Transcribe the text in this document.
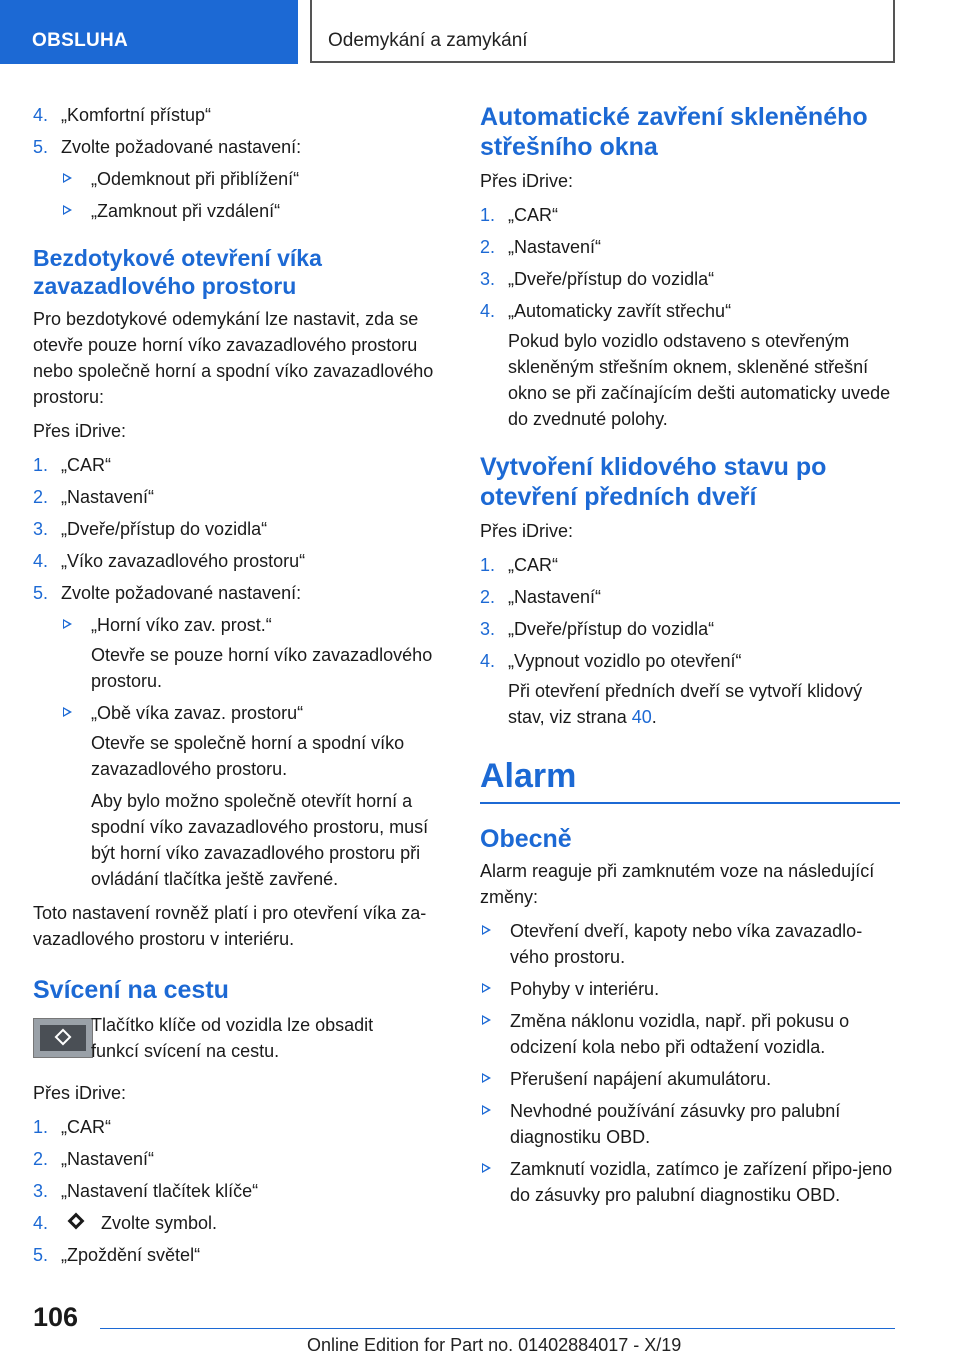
OBSLUHA	Odemykání a zamykání
4. „Komfortní přístup“
5. Zvolte požadované nastavení:
„Odemknout při přiblížení“
„Zamknout při vzdálení“
Bezdotykové otevření víka zavazadlového prostoru

Pro bezdotykové odemykání lze nastavit, zda se otevře pouze horní víko zavazadlového prostoru nebo společně horní a spodní víko zavazadlového prostoru:

Přes iDrive:

1. „CAR“
2. „Nastavení“
3. „Dveře/přístup do vozidla“
4. „Víko zavazadlového prostoru“
5. Zvolte požadované nastavení:
„Horní víko zav. prost.“
Otevře se pouze horní víko zavazadlového prostoru.
„Obě víka zavaz. prostoru“
Otevře se společně horní a spodní víko zavazadlového prostoru.
Aby bylo možno společně otevřít horní a spodní víko zavazadlového prostoru, musí být horní víko zavazadlového prostoru při ovládání tlačítka ještě zavřené.

Toto nastavení rovněž platí i pro otevření víka za‐vazadlového prostoru v interiéru.

Svícení na cestu
Tlačítko klíče od vozidla lze obsadit funkcí svícení na cestu.

Přes iDrive:

1. „CAR“
2. „Nastavení“
3. „Nastavení tlačítek klíče“
4.	Zvolte symbol.
5. „Zpoždění světel“
Automatické zavření skleněného střešního okna

Přes iDrive:

1. „CAR“
2. „Nastavení“
3. „Dveře/přístup do vozidla“
4. „Automaticky zavřít střechu“
Pokud bylo vozidlo odstaveno s otevřeným skleněným střešním oknem, skleněné střešní okno se při začínajícím dešti automaticky uvede do zvednuté polohy.
Vytvoření klidového stavu po otevření předních dveří

Přes iDrive:

1. „CAR“
2. „Nastavení“
3. „Dveře/přístup do vozidla“
4. „Vypnout vozidlo po otevření“
Při otevření předních dveří se vytvoří klidový stav, viz strana 40.
Alarm
Obecně

Alarm reaguje při zamknutém voze na následující změny:

Otevření dveří, kapoty nebo víka zavazadlo‐vého prostoru.
Pohyby v interiéru.
Změna náklonu vozidla, např. při pokusu o odcizení kola nebo při odtažení vozidla.
Přerušení napájení akumulátoru.
Nevhodné používání zásuvky pro palubní diagnostiku OBD.
Zamknutí vozidla, zatímco je zařízení připo‐jeno do zásuvky pro palubní diagnostiku OBD.
106
Online Edition for Part no. 01402884017 - X/19
